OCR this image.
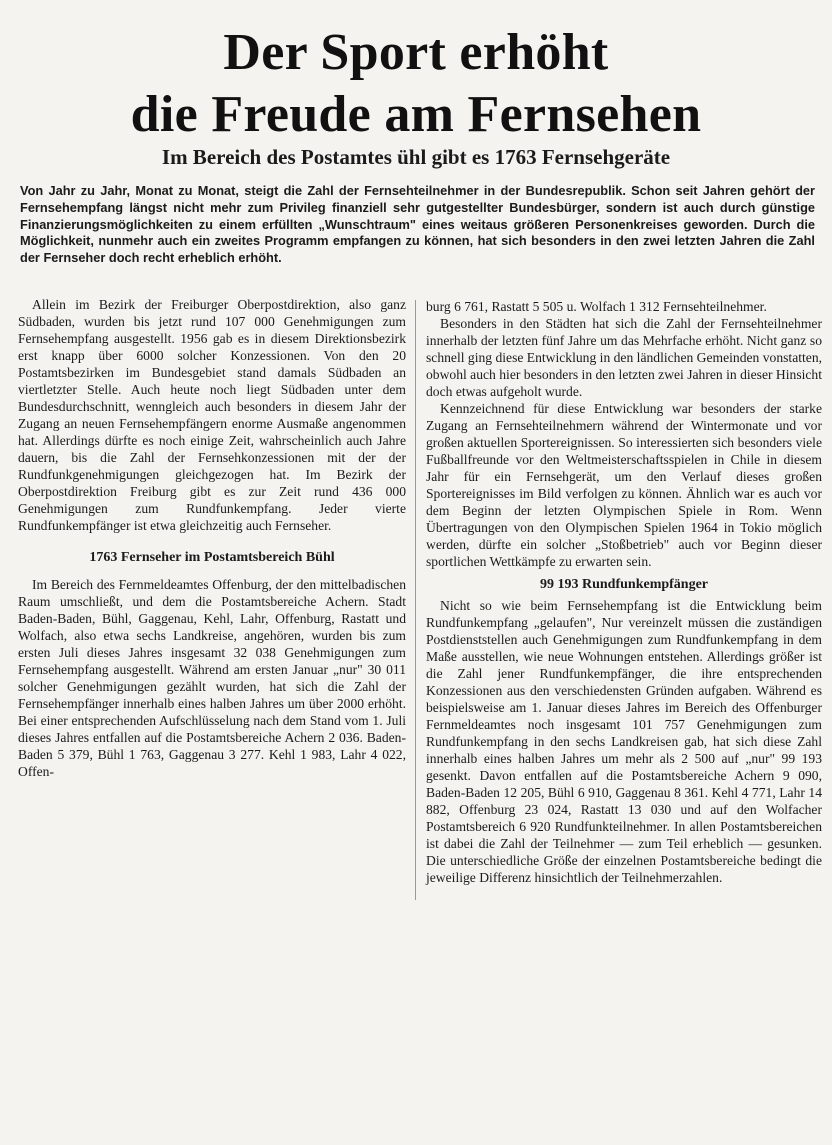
Der Sport erhöht
die Freude am Fernsehen
Im Bereich des Postamtes ühl gibt es 1763 Fernsehgeräte

Von Jahr zu Jahr, Monat zu Monat, steigt die Zahl der Fernsehteilnehmer in der Bundesrepublik. Schon seit Jahren gehört der Fernsehempfang längst nicht mehr zum Privileg finanziell sehr gutgestellter Bundesbürger, sondern ist auch durch günstige Finanzierungsmöglichkeiten zu einem erfüllten „Wunschtraum" eines weitaus größeren Personenkreises geworden. Durch die Möglichkeit, nunmehr auch ein zweites Programm empfangen zu können, hat sich besonders in den zwei letzten Jahren die Zahl der Fernseher doch recht erheblich erhöht.

Allein im Bezirk der Freiburger Oberpostdirektion, also ganz Südbaden, wurden bis jetzt rund 107 000 Genehmigungen zum Fernsehempfang ausgestellt. 1956 gab es in diesem Direktionsbezirk erst knapp über 6000 solcher Konzessionen. Von den 20 Postamtsbezirken im Bundesgebiet stand damals Südbaden an viertletzter Stelle. Auch heute noch liegt Südbaden unter dem Bundesdurchschnitt, wenngleich auch besonders in diesem Jahr der Zugang an neuen Fernsehempfängern enorme Ausmaße angenommen hat. Allerdings dürfte es noch einige Zeit, wahrscheinlich auch Jahre dauern, bis die Zahl der Fernsehkonzessionen mit der der Rundfunkgenehmigungen gleichgezogen hat. Im Bezirk der Oberpostdirektion Freiburg gibt es zur Zeit rund 436 000 Genehmigungen zum Rundfunkempfang. Jeder vierte Rundfunkempfänger ist etwa gleichzeitig auch Fernseher.

1763 Fernseher im Postamtsbereich Bühl

Im Bereich des Fernmeldeamtes Offenburg, der den mittelbadischen Raum umschließt, und dem die Postamtsbereiche Achern. Stadt Baden-Baden, Bühl, Gaggenau, Kehl, Lahr, Offenburg, Rastatt und Wolfach, also etwa sechs Landkreise, angehören, wurden bis zum ersten Juli dieses Jahres insgesamt 32 038 Genehmigungen zum Fernsehempfang ausgestellt. Während am ersten Januar „nur" 30 011 solcher Genehmigungen gezählt wurden, hat sich die Zahl der Fernsehempfänger innerhalb eines halben Jahres um über 2000 erhöht. Bei einer entsprechenden Aufschlüsselung nach dem Stand vom 1. Juli dieses Jahres entfallen auf die Postamtsbereiche Achern 2 036. Baden-Baden 5 379, Bühl 1 763, Gaggenau 3 277. Kehl 1 983, Lahr 4 022, Offen-

burg 6 761, Rastatt 5 505 u. Wolfach 1 312 Fernsehteilnehmer.

Besonders in den Städten hat sich die Zahl der Fernsehteilnehmer innerhalb der letzten fünf Jahre um das Mehrfache erhöht. Nicht ganz so schnell ging diese Entwicklung in den ländlichen Gemeinden vonstatten, obwohl auch hier besonders in den letzten zwei Jahren in dieser Hinsicht doch etwas aufgeholt wurde.

Kennzeichnend für diese Entwicklung war besonders der starke Zugang an Fernsehteilnehmern während der Wintermonate und vor großen aktuellen Sportereignissen. So interessierten sich besonders viele Fußballfreunde vor den Weltmeisterschaftsspielen in Chile in diesem Jahr für ein Fernsehgerät, um den Verlauf dieses großen Sportereignisses im Bild verfolgen zu können. Ähnlich war es auch vor dem Beginn der letzten Olympischen Spiele in Rom. Wenn Übertragungen von den Olympischen Spielen 1964 in Tokio möglich werden, dürfte ein solcher „Stoßbetrieb" auch vor Beginn dieser sportlichen Wettkämpfe zu erwarten sein.

99 193 Rundfunkempfänger

Nicht so wie beim Fernsehempfang ist die Entwicklung beim Rundfunkempfang „gelaufen", Nur vereinzelt müssen die zuständigen Postdienststellen auch Genehmigungen zum Rundfunkempfang in dem Maße ausstellen, wie neue Wohnungen entstehen. Allerdings größer ist die Zahl jener Rundfunkempfänger, die ihre entsprechenden Konzessionen aus den verschiedensten Gründen aufgaben. Während es beispielsweise am 1. Januar dieses Jahres im Bereich des Offenburger Fernmeldeamtes noch insgesamt 101 757 Genehmigungen zum Rundfunkempfang in den sechs Landkreisen gab, hat sich diese Zahl innerhalb eines halben Jahres um mehr als 2 500 auf „nur" 99 193 gesenkt. Davon entfallen auf die Postamtsbereiche Achern 9 090, Baden-Baden 12 205, Bühl 6 910, Gaggenau 8 361. Kehl 4 771, Lahr 14 882, Offenburg 23 024, Rastatt 13 030 und auf den Wolfacher Postamtsbereich 6 920 Rundfunkteilnehmer. In allen Postamtsbereichen ist dabei die Zahl der Teilnehmer — zum Teil erheblich — gesunken. Die unterschiedliche Größe der einzelnen Postamtsbereiche bedingt die jeweilige Differenz hinsichtlich der Teilnehmerzahlen.
